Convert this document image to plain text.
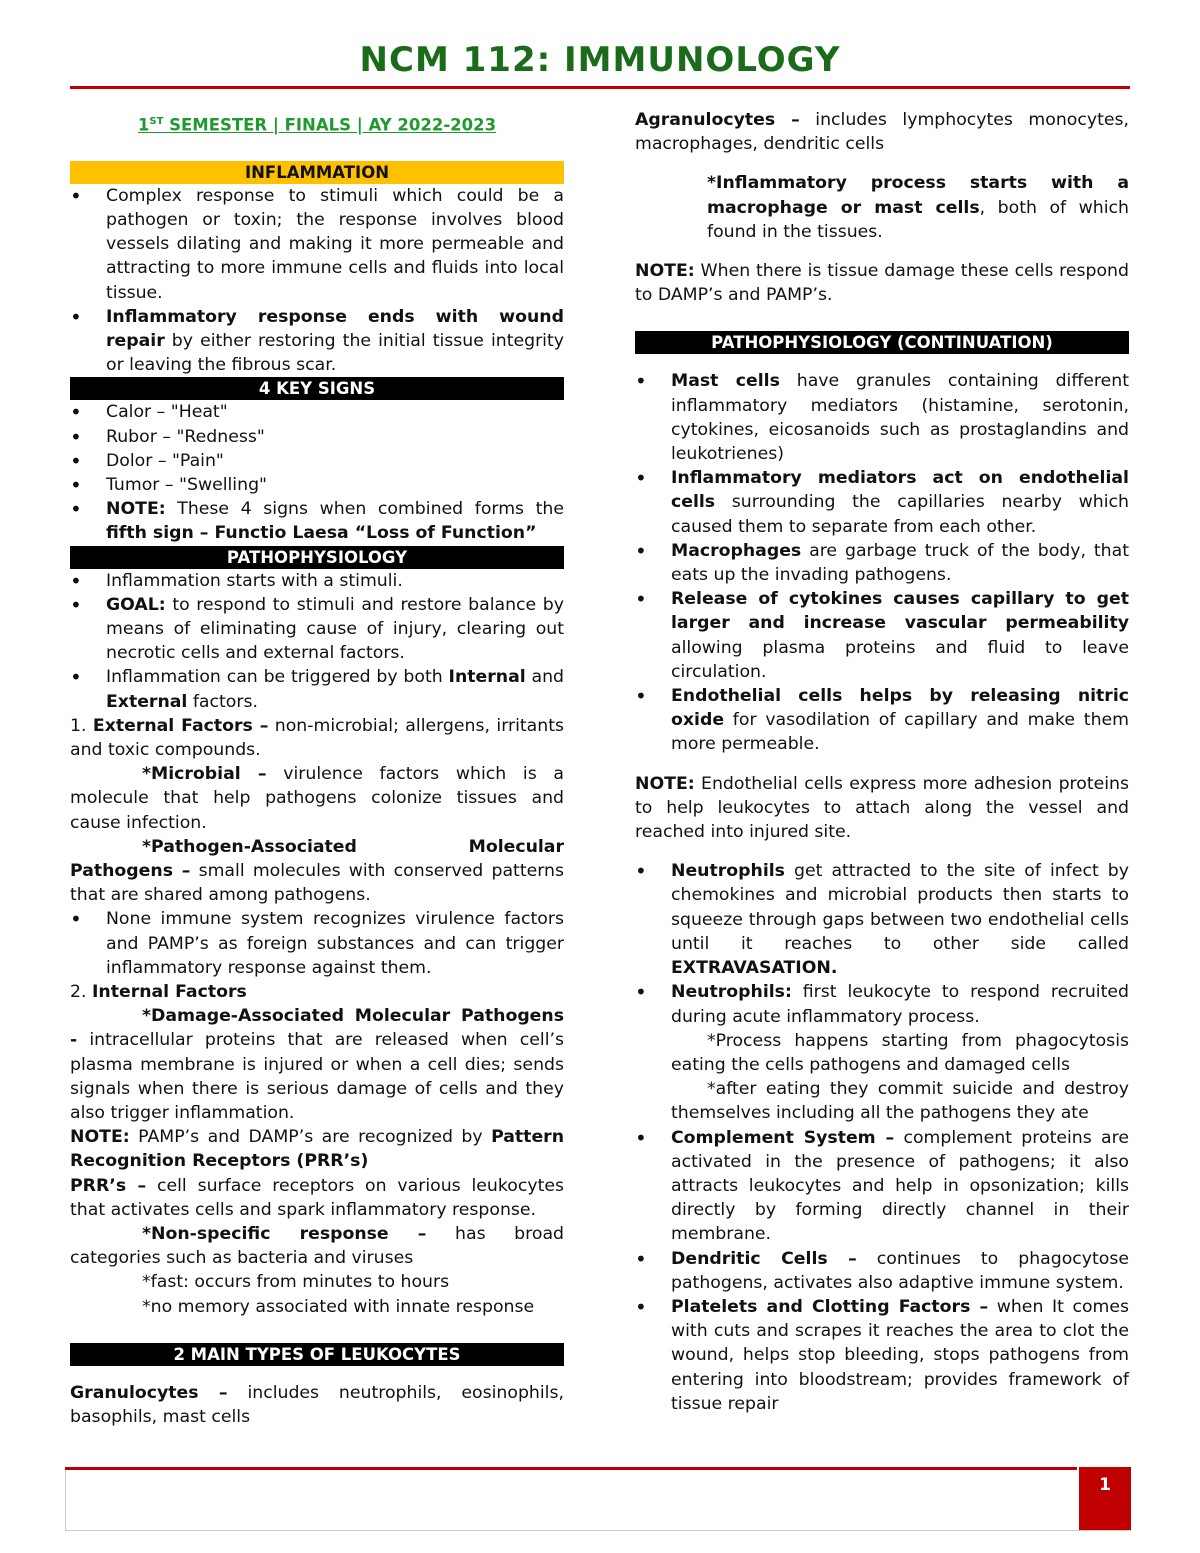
NCM 112: IMMUNOLOGY

1ST SEMESTER | FINALS | AY 2022-2023

INFLAMMATION
• Complex response to stimuli which could be a pathogen or toxin; the response involves blood vessels dilating and making it more permeable and attracting to more immune cells and fluids into local tissue.
• Inflammatory response ends with wound repair by either restoring the initial tissue integrity or leaving the fibrous scar.
4 KEY SIGNS
• Calor – "Heat"
• Rubor – "Redness"
• Dolor – "Pain"
• Tumor – "Swelling"
• NOTE: These 4 signs when combined forms the fifth sign – Functio Laesa “Loss of Function”
PATHOPHYSIOLOGY
• Inflammation starts with a stimuli.
• GOAL: to respond to stimuli and restore balance by means of eliminating cause of injury, clearing out necrotic cells and external factors.
• Inflammation can be triggered by both Internal and External factors.

1. External Factors – non-microbial; allergens, irritants and toxic compounds.

*Microbial – virulence factors which is a molecule that help pathogens colonize tissues and cause infection.

*Pathogen-Associated Molecular Pathogens – small molecules with conserved patterns that are shared among pathogens.

• None immune system recognizes virulence factors and PAMP’s as foreign substances and can trigger inflammatory response against them.

2. Internal Factors

*Damage-Associated Molecular Pathogens - intracellular proteins that are released when cell’s plasma membrane is injured or when a cell dies; sends signals when there is serious damage of cells and they also trigger inflammation.

NOTE: PAMP’s and DAMP’s are recognized by Pattern Recognition Receptors (PRR’s)

PRR’s – cell surface receptors on various leukocytes that activates cells and spark inflammatory response.

*Non-specific response – has broad categories such as bacteria and viruses

*fast: occurs from minutes to hours

*no memory associated with innate response

2 MAIN TYPES OF LEUKOCYTES

Granulocytes – includes neutrophils, eosinophils, basophils, mast cells

Agranulocytes – includes lymphocytes monocytes, macrophages, dendritic cells

*Inflammatory process starts with a macrophage or mast cells, both of which found in the tissues.

NOTE: When there is tissue damage these cells respond to DAMP’s and PAMP’s.

PATHOPHYSIOLOGY (CONTINUATION)
• Mast cells have granules containing different inflammatory mediators (histamine, serotonin, cytokines, eicosanoids such as prostaglandins and leukotrienes)
• Inflammatory mediators act on endothelial cells surrounding the capillaries nearby which caused them to separate from each other.
• Macrophages are garbage truck of the body, that eats up the invading pathogens.
• Release of cytokines causes capillary to get larger and increase vascular permeability allowing plasma proteins and fluid to leave circulation.
• Endothelial cells helps by releasing nitric oxide for vasodilation of capillary and make them more permeable.

NOTE: Endothelial cells express more adhesion proteins to help leukocytes to attach along the vessel and reached into injured site.

• Neutrophils get attracted to the site of infect by chemokines and microbial products then starts to squeeze through gaps between two endothelial cells until it reaches to other side called EXTRAVASATION.
• Neutrophils: first leukocyte to respond recruited during acute inflammatory process.

*Process happens starting from phagocytosis eating the cells pathogens and damaged cells

*after eating they commit suicide and destroy themselves including all the pathogens they ate

• Complement System – complement proteins are activated in the presence of pathogens; it also attracts leukocytes and help in opsonization; kills directly by forming directly channel in their membrane.
• Dendritic Cells – continues to phagocytose pathogens, activates also adaptive immune system.
• Platelets and Clotting Factors – when It comes with cuts and scrapes it reaches the area to clot the wound, helps stop bleeding, stops pathogens from entering into bloodstream; provides framework of tissue repair
1
